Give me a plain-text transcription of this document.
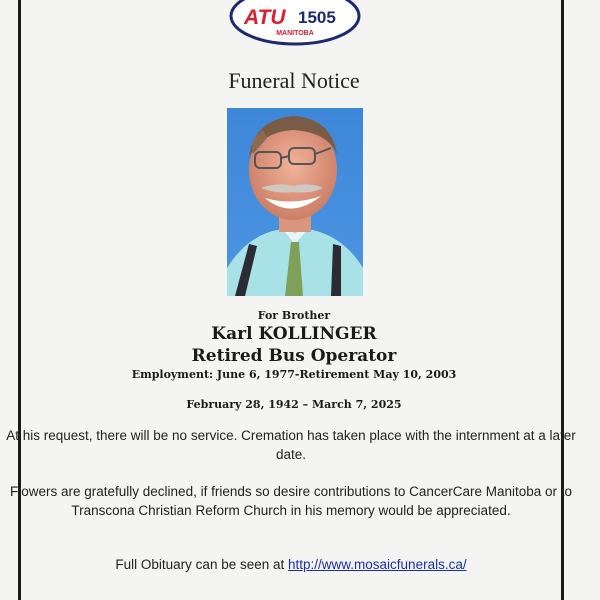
ATU 1505
MANITOBA
Funeral Notice
For Brother
Karl KOLLINGER
Retired Bus Operator
Employment: June 6, 1977-Retirement May 10, 2003
February 28, 1942 – March 7, 2025
At his request, there will be no service. Cremation has taken place with the internment at a later date.
Flowers are gratefully declined, if friends so desire contributions to CancerCare Manitoba or to Transcona Christian Reform Church in his memory would be appreciated.
Full Obituary can be seen at http://www.mosaicfunerals.ca/
